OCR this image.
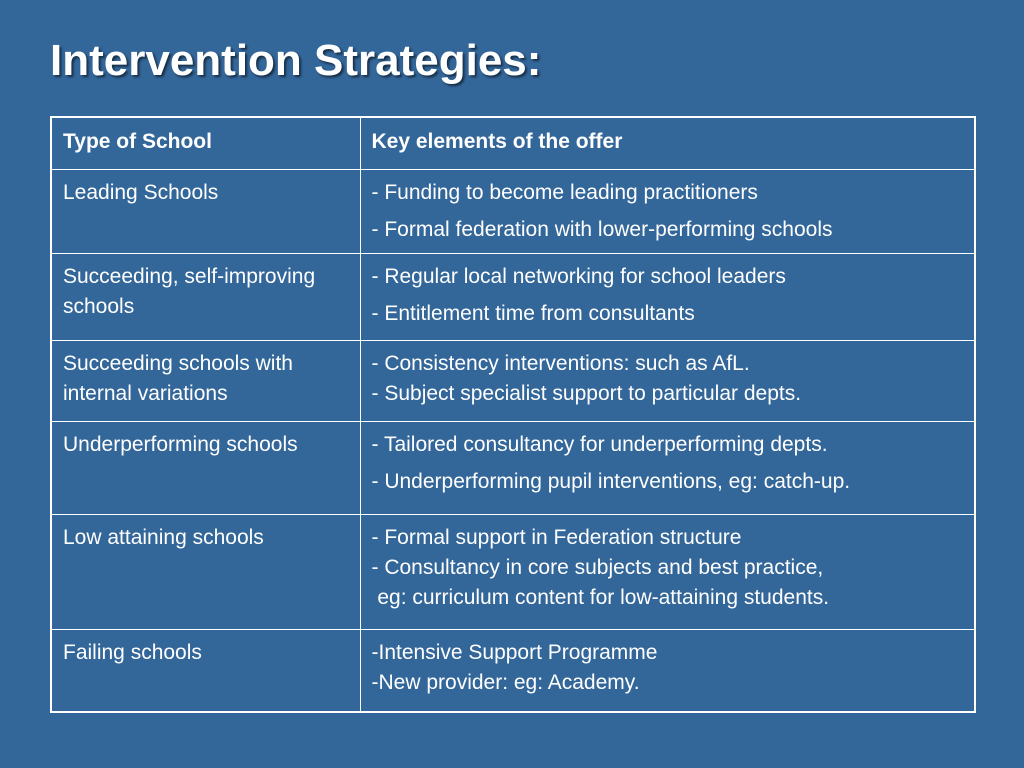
Intervention Strategies:
Type of School	Key elements of the offer
Leading Schools	- Funding to become leading practitioners
- Formal federation with lower-performing schools

Succeeding, self-improving schools	- Regular local networking for school leaders
- Entitlement time from consultants

Succeeding schools with internal variations	- Consistency interventions: such as AfL.
- Subject specialist support to particular depts.

Underperforming schools	- Tailored consultancy for underperforming depts.
- Underperforming pupil interventions, eg: catch-up.

Low attaining schools	- Formal support in Federation structure
- Consultancy in core subjects and best practice,
eg: curriculum content for low-attaining students.

Failing schools	-Intensive Support Programme
-New provider: eg: Academy.
